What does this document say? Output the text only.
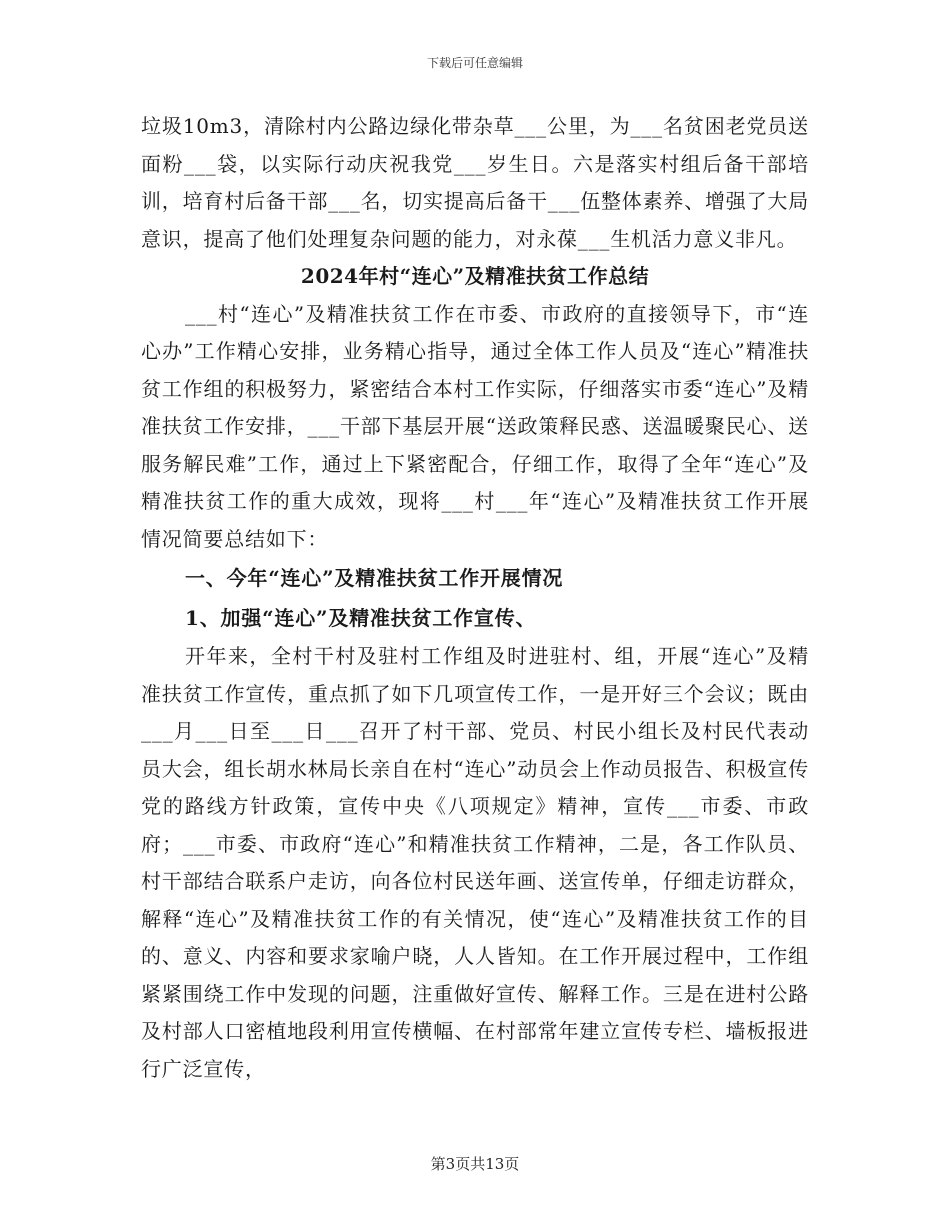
下载后可任意编辑

垃圾10m3，清除村内公路边绿化带杂草___公里，为___名贫困老党员送面粉___袋，以实际行动庆祝我党___岁生日。六是落实村组后备干部培训，培育村后备干部___名，切实提高后备干___伍整体素养、增强了大局意识，提高了他们处理复杂问题的能力，对永葆___生机活力意义非凡。

2024年村“连心”及精准扶贫工作总结

___村“连心”及精准扶贫工作在市委、市政府的直接领导下，市“连心办”工作精心安排，业务精心指导，通过全体工作人员及“连心”精准扶贫工作组的积极努力，紧密结合本村工作实际，仔细落实市委“连心”及精准扶贫工作安排，___干部下基层开展“送政策释民惑、送温暖聚民心、送服务解民难”工作，通过上下紧密配合，仔细工作，取得了全年“连心”及精准扶贫工作的重大成效，现将___村___年“连心”及精准扶贫工作开展情况简要总结如下：

一、今年“连心”及精准扶贫工作开展情况

1、加强“连心”及精准扶贫工作宣传、

开年来，全村干村及驻村工作组及时进驻村、组，开展“连心”及精准扶贫工作宣传，重点抓了如下几项宣传工作，一是开好三个会议；既由___月___日至___日___召开了村干部、党员、村民小组长及村民代表动员大会，组长胡水林局长亲自在村“连心”动员会上作动员报告、积极宣传党的路线方针政策，宣传中央《八项规定》精神，宣传___市委、市政府；___市委、市政府“连心”和精准扶贫工作精神，二是，各工作队员、村干部结合联系户走访，向各位村民送年画、送宣传单，仔细走访群众，解释“连心”及精准扶贫工作的有关情况，使“连心”及精准扶贫工作的目的、意义、内容和要求家喻户晓，人人皆知。在工作开展过程中，工作组紧紧围绕工作中发现的问题，注重做好宣传、解释工作。三是在进村公路及村部人口密植地段利用宣传横幅、在村部常年建立宣传专栏、墙板报进行广泛宣传，

第3页共13页
